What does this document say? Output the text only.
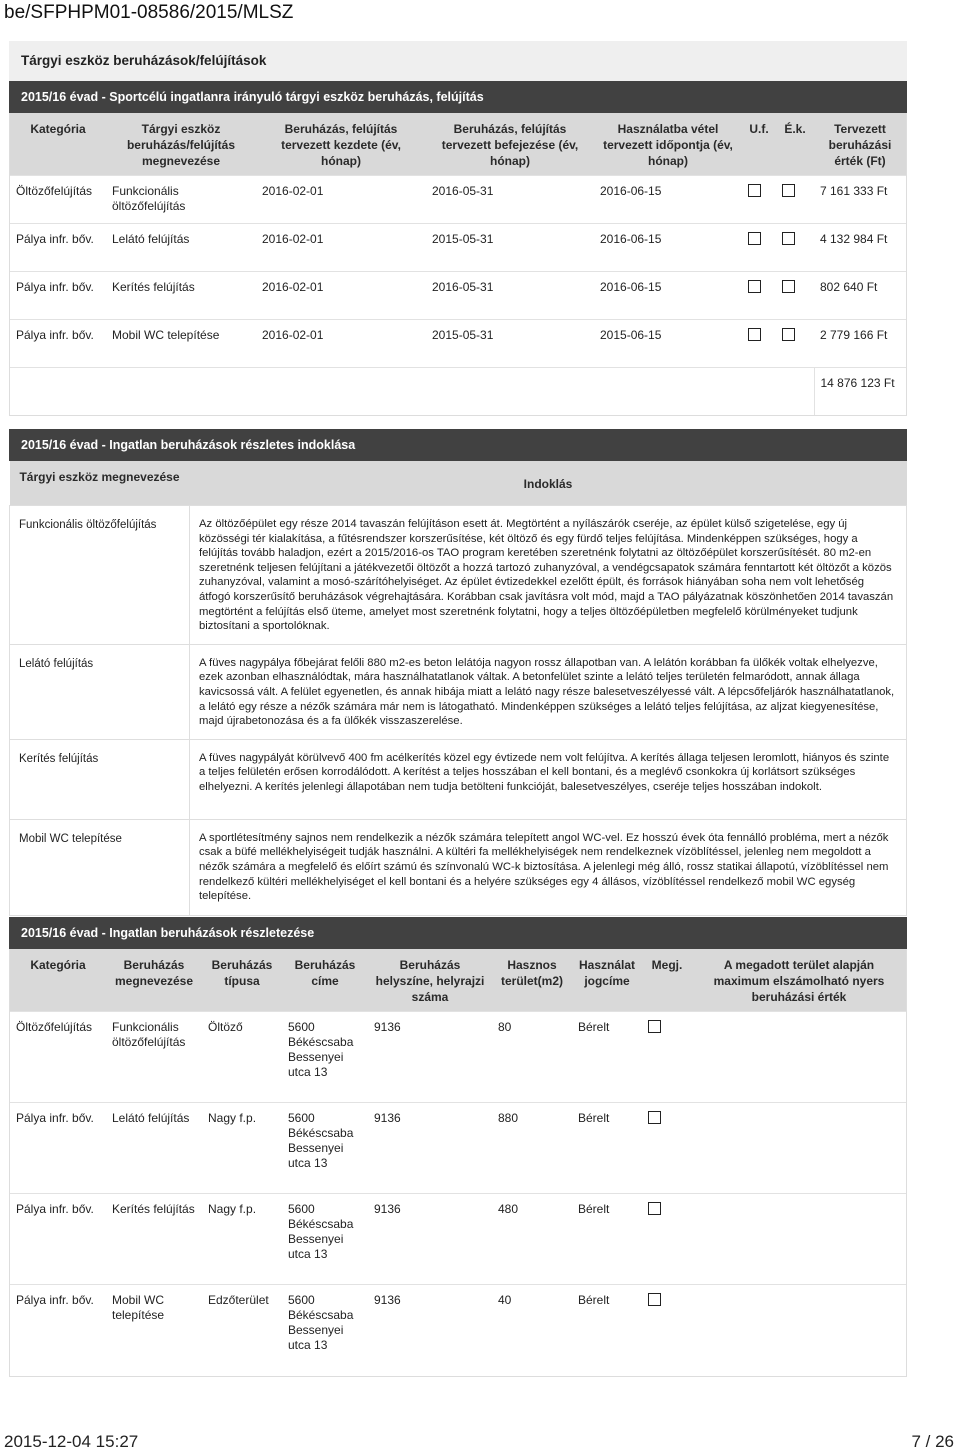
be/SFPHPM01-08586/2015/MLSZ
Tárgyi eszköz beruházások/felújítások
2015/16 évad - Sportcélú ingatlanra irányuló tárgyi eszköz beruházás, felújítás
Kategória	Tárgyi eszköz beruházás/felújítás megnevezése	Beruházás, felújítás tervezett kezdete (év, hónap)	Beruházás, felújítás tervezett befejezése (év, hónap)	Használatba vétel tervezett időpontja (év, hónap)	U.f.	É.k.	Tervezett beruházási érték (Ft)
Öltözőfelújítás	Funkcionális öltözőfelújítás	2016-02-01	2016-05-31	2016-06-15			7 161 333 Ft
Pálya infr. bőv.	Lelátó felújítás	2016-02-01	2015-05-31	2016-06-15			4 132 984 Ft
Pálya infr. bőv.	Kerítés felújítás	2016-02-01	2016-05-31	2016-06-15			802 640 Ft
Pálya infr. bőv.	Mobil WC telepítése	2016-02-01	2015-05-31	2015-06-15			2 779 166 Ft
							14 876 123 Ft
2015/16 évad - Ingatlan beruházások részletes indoklása
Tárgyi eszköz megnevezése	Indoklás
Funkcionális öltözőfelújítás	Az öltözőépület egy része 2014 tavaszán felújításon esett át. Megtörtént a nyílászárók cseréje, az épület külső szigetelése, egy új közösségi tér kialakítása, a fűtésrendszer korszerűsítése, két öltöző és egy fürdő teljes felújítása. Mindenképpen szükséges, hogy a felújítás tovább haladjon, ezért a 2015/2016-os TAO program keretében szeretnénk folytatni az öltözőépület korszerűsítését. 80 m2-en szeretnénk teljesen felújítani a játékvezetői öltözőt a hozzá tartozó zuhanyzóval, a vendégcsapatok számára fenntartott két öltözőt a közös zuhanyzóval, valamint a mosó-szárítóhelyiséget. Az épület évtizedekkel ezelőtt épült, és források hiányában soha nem volt lehetőség átfogó korszerűsítő beruházások végrehajtására. Korábban csak javításra volt mód, majd a TAO pályázatnak köszönhetően 2014 tavaszán megtörtént a felújítás első üteme, amelyet most szeretnénk folytatni, hogy a teljes öltözőépületben megfelelő körülményeket tudjunk biztosítani a sportolóknak.
Lelátó felújítás	A füves nagypálya főbejárat felőli 880 m2-es beton lelátója nagyon rossz állapotban van. A lelátón korábban fa ülőkék voltak elhelyezve, ezek azonban elhasználódtak, mára használhatatlanok váltak. A betonfelület szinte a lelátó teljes területén felmaródott, annak állaga kavicsossá vált. A felület egyenetlen, és annak hibája miatt a lelátó nagy része balesetveszélyessé vált. A lépcsőfeljárók használhatatlanok, a lelátó egy része a nézők számára már nem is látogatható. Mindenképpen szükséges a lelátó teljes felújítása, az aljzat kiegyenesítése, majd újrabetonozása és a fa ülőkék visszaszerelése.
Kerítés felújítás	A füves nagypályát körülvevő 400 fm acélkerítés közel egy évtizede nem volt felújítva. A kerítés állaga teljesen leromlott, hiányos és szinte a teljes felületén erősen korrodálódott. A kerítést a teljes hosszában el kell bontani, és a meglévő csonkokra új korlátsort szükséges elhelyezni. A kerítés jelenlegi állapotában nem tudja betölteni funkcióját, balesetveszélyes, cseréje teljes hosszában indokolt.
Mobil WC telepítése	A sportlétesítmény sajnos nem rendelkezik a nézők számára telepített angol WC-vel. Ez hosszú évek óta fennálló probléma, mert a nézők csak a büfé mellékhelyiségeit tudják használni. A kültéri fa mellékhelyiségek nem rendelkeznek vízöblítéssel, jelenleg nem megoldott a nézők számára a megfelelő és előírt számú és színvonalú WC-k biztosítása. A jelenlegi még álló, rossz statikai állapotú, vízöblítéssel nem rendelkező kültéri mellékhelyiséget el kell bontani és a helyére szükséges egy 4 állásos, vízöblítéssel rendelkező mobil WC egység telepítése.
2015/16 évad - Ingatlan beruházások részletezése
Kategória	Beruházás megnevezése	Beruházás típusa	Beruházás címe	Beruházás helyszíne, helyrajzi száma	Hasznos terület(m2)	Használat jogcíme	Megj.	A megadott terület alapján maximum elszámolható nyers beruházási érték
Öltözőfelújítás	Funkcionális öltözőfelújítás	Öltöző	5600 Békéscsaba Bessenyei utca 13	9136	80	Bérelt		
Pálya infr. bőv.	Lelátó felújítás	Nagy f.p.	5600 Békéscsaba Bessenyei utca 13	9136	880	Bérelt		
Pálya infr. bőv.	Kerítés felújítás	Nagy f.p.	5600 Békéscsaba Bessenyei utca 13	9136	480	Bérelt		
Pálya infr. bőv.	Mobil WC telepítése	Edzőterület	5600 Békéscsaba Bessenyei utca 13	9136	40	Bérelt		
2015-12-04 15:27	7 / 26
